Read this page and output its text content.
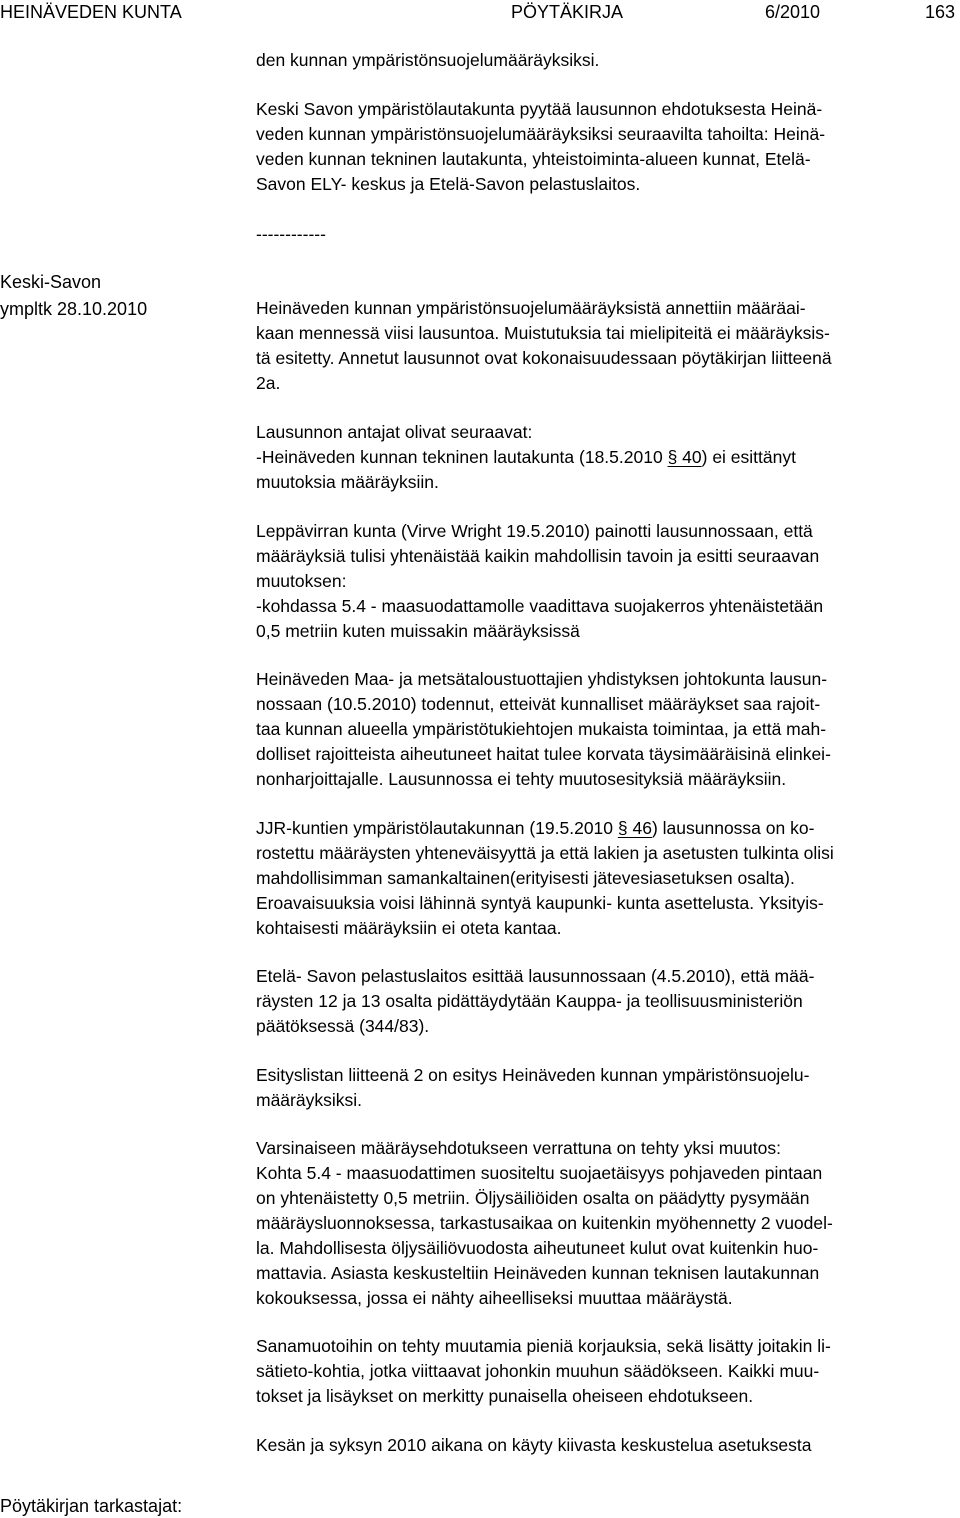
HEINÄVEDEN KUNTA	PÖYTÄKIRJA	6/2010	163
Keski-Savon
ympltk 28.10.2010
den kunnan ympäristönsuojelumääräyksiksi.
Keski Savon ympäristölautakunta pyytää lausunnon ehdotuksesta Heinä-
veden kunnan ympäristönsuojelumääräyksiksi seuraavilta tahoilta: Heinä-
veden kunnan tekninen lautakunta, yhteistoiminta-alueen kunnat, Etelä-
Savon ELY- keskus ja Etelä-Savon pelastuslaitos.
------------
Heinäveden kunnan ympäristönsuojelumääräyksistä annettiin määräai-
kaan mennessä viisi lausuntoa. Muistutuksia tai mielipiteitä ei määräyksis-
tä esitetty. Annetut lausunnot ovat kokonaisuudessaan pöytäkirjan liitteenä
2a.
Lausunnon antajat olivat seuraavat:
-Heinäveden kunnan tekninen lautakunta (18.5.2010 § 40) ei esittänyt
muutoksia määräyksiin.
Leppävirran kunta (Virve Wright 19.5.2010) painotti lausunnossaan, että
määräyksiä tulisi yhtenäistää kaikin mahdollisin tavoin ja esitti seuraavan
muutoksen:
-kohdassa 5.4 - maasuodattamolle vaadittava suojakerros yhtenäistetään
0,5 metriin kuten muissakin määräyksissä
Heinäveden Maa- ja metsätaloustuottajien yhdistyksen johtokunta lausun-
nossaan (10.5.2010) todennut, etteivät kunnalliset määräykset saa rajoit-
taa kunnan alueella ympäristötukiehtojen mukaista toimintaa, ja että mah-
dolliset rajoitteista aiheutuneet haitat tulee korvata täysimääräisinä elinkei-
nonharjoittajalle. Lausunnossa ei tehty muutosesityksiä määräyksiin.
JJR-kuntien ympäristölautakunnan (19.5.2010 § 46) lausunnossa on ko-
rostettu määräysten yhteneväisyyttä ja että lakien ja asetusten tulkinta olisi
mahdollisimman samankaltainen(erityisesti jätevesiasetuksen osalta).
Eroavaisuuksia voisi lähinnä syntyä kaupunki- kunta asettelusta. Yksityis-
kohtaisesti määräyksiin ei oteta kantaa.
Etelä- Savon pelastuslaitos esittää lausunnossaan (4.5.2010), että mää-
räysten 12 ja 13 osalta pidättäydytään Kauppa- ja teollisuusministeriön
päätöksessä (344/83).
Esityslistan liitteenä 2 on esitys Heinäveden kunnan ympäristönsuojelu-
määräyksiksi.
Varsinaiseen määräysehdotukseen verrattuna on tehty yksi muutos:
Kohta 5.4 - maasuodattimen suositeltu suojaetäisyys pohjaveden pintaan
on yhtenäistetty 0,5 metriin. Öljysäiliöiden osalta on päädytty pysymään
määräysluonnoksessa, tarkastusaikaa on kuitenkin myöhennetty 2 vuodel-
la. Mahdollisesta öljysäiliövuodosta aiheutuneet kulut ovat kuitenkin huo-
mattavia. Asiasta keskusteltiin Heinäveden kunnan teknisen lautakunnan
kokouksessa, jossa ei nähty aiheelliseksi muuttaa määräystä.
Sanamuotoihin on tehty muutamia pieniä korjauksia, sekä lisätty joitakin li-
sätieto-kohtia, jotka viittaavat johonkin muuhun säädökseen. Kaikki muu-
tokset ja lisäykset on merkitty punaisella oheiseen ehdotukseen.
Kesän ja syksyn 2010 aikana on käyty kiivasta keskustelua asetuksesta
Pöytäkirjan tarkastajat:
